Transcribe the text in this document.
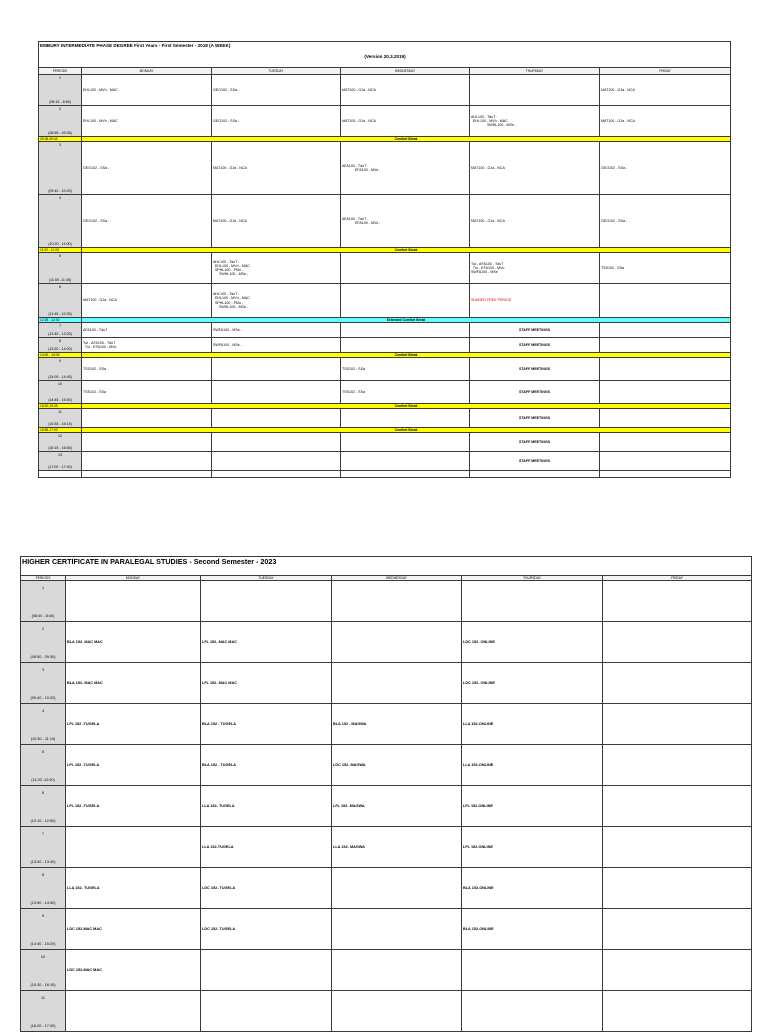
EMBURY INTERMEDIATE PHASE DEGREE First Years - First Semester - 2018 (A WEEK)
(Version 20.3.2019)					

PERIODS	MONDAY	TUESDAY	WEDNESDAY	THURSDAY	FRIDAY

1
(08:15 - 8:55)	EHL100 - MVh - MAC	GEO102 - SSa -	MAT100 - GJa - NCA		MAT100 - GJa - NCA

2
(08:55 - 09:35)	EHL100 - MVh - MAC	GEO102 - SSa -	MAT100 - GJa - NCA	AHL100 - TduT -
EHL100 - MVh - MAC
SWHL100 - MSe -	MAT100 - GJa - NCA
09:35-09:40	Comfort Break				

3
(09:40 - 10:20)	GEO102 - SSa -	MAT100 - GJa - NCA	AFA100 - TduT -
EFA100 - MVo -	MAT100 - GJa - NCA	GEO102 - SSa -

4
(10:20 - 11:00)	GEO102 - SSa -	MAT100 - GJa - NCA	AFA100 - TduT -
EFA100 - MVo -	MAT100 - GJa - NCA	GEO102 - SSa -
11:00 - 11:05	Comfort Break				

5
(11:05 -11:45)		AHL100 - TduT -
EHL100 - MVh - MAC
SPHL100 - PMo -
SWHL100 - MSe -		TuI - AFA100 - TduT
TuI - EFA100 - MVo
SWFA100 - MSe	TSS102 - SSa

6
(11:45 - 12:25)	MAT100 - GJa - NCA	AHL100 - TduT -
EHL100 - MVh - MAC
SPHL100 - PMo -
SWHL100 - MSe -		SHARED FREE PERIOD	
12:25 - 12:40	Extended Comfort Break				

7
(12:40 - 13:20)	AFA100 - TduT	SWFA100 - MSe -		STAFF MEETINGS	

8
(13:20 - 14:00)	TuI - AFA100 - TduT
TuI - EFA100 - MVo	SWFA100 - MSe -		STAFF MEETINGS	
14:00 - 14:05	Comfort Break				

9
(14:05 - 14:45)	TSS102 - SSa		TSS102 - SSa	STAFF MEETINGS	

10
(14:45 - 15:30)	TSS102 - SSa		TSS102 - SSa	STAFF MEETINGS	
15:30-15:35	Comfort Break				

11
(15:35 - 16:15)				STAFF MEETINGS	
16:55-17:00	Comfort Break				

12
(16:15 - 16:55)				STAFF MEETINGS	

13
(17:00 - 17:40)				STAFF MEETINGS	

HIGHER CERTIFICATE IN PARALEGAL STUDIES - Second Semester - 2023					
PERIODS	MONDAY	TUESDAY	WEDNESDAY	THURSDAY	FRIDAY

1
(08:00 - 8:40)					

2
(08:50 - 09:30)	BLA 152- MAC MAC	LFL 152- MAC MAC		LDC 152- ONLINE	

3
(09:40 - 10:20)	BLA 152- MAC MAC	LFL 152- MAC MAC		LDC 152- ONLINE	

4
(10:30 - 11:10)	LFL 152 -TUGELA	BLA 152 - TUGELA	BLA 152 - MAGWA	LLA 152-ONLINE	

5
(11:20 -12:00)	LFL 152 -TUGELA	BLA 152 - TUGELA	LDC 152- MAGWA	LLA 152-ONLINE	

6
(12:10 - 12:50)	LFL 152 -TUGELA	LLA 152- TUGELA	LFL 152- MAGWA	LFL 152-ONLINE	

7
(13:00 - 13:40)		LLA 152-TUGELA	LLA 152- MAGWA	LFL 152-ONLINE	

8
(13:50 - 14:30)	LLA 152- TUGELA	LDC 152- TUGELA		BLA 152-ONLINE	

9
(14:40 - 15:20)	LDC 152-MAC MAC	LDC 152- TUGELA		BLA 152-ONLINE	

10
(15:30 - 16:10)	LDC 152-MAC MAC				

11
(16:20 - 17:00)					
